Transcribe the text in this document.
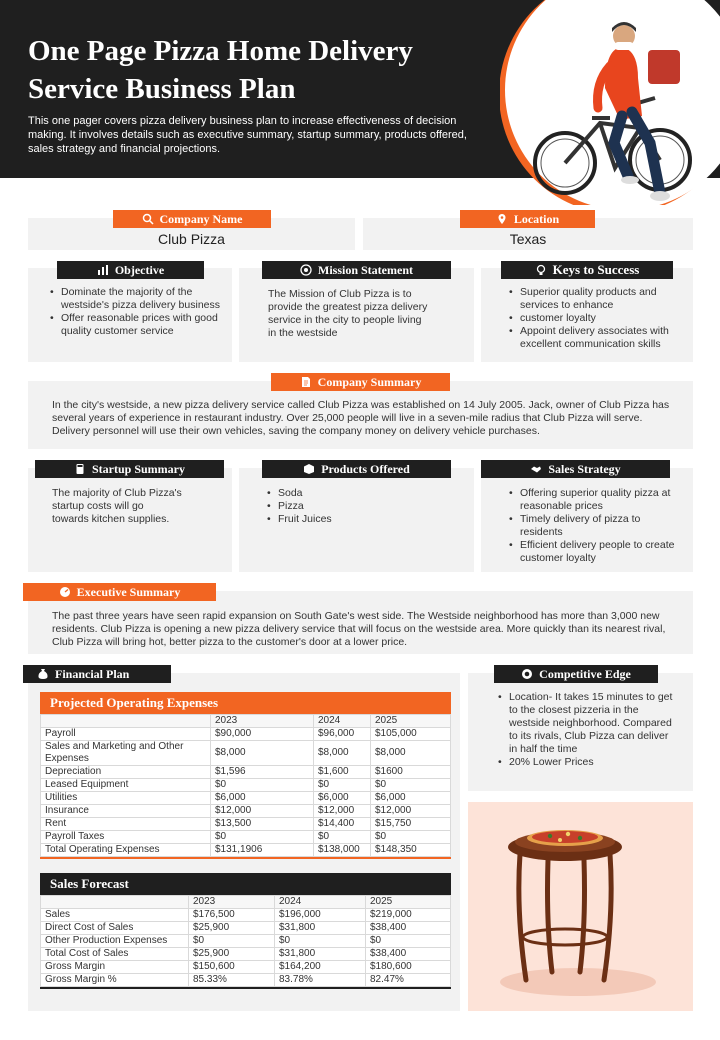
One Page Pizza Home Delivery Service Business Plan
This one pager covers pizza delivery business plan to increase effectiveness of decision making. It involves details such as executive summary, startup summary, products offered, sales strategy and financial projections.
Company Name
Club Pizza
Location
Texas
Objective
• Dominate the majority of the westside's pizza delivery business
• Offer reasonable prices with good quality customer service
Mission Statement
The Mission of Club Pizza is to provide the greatest pizza delivery service in the city to people living in the westside
Keys to Success
• Superior quality products and services to enhance
• customer loyalty
• Appoint delivery associates with excellent communication skills
Company Summary
In the city's westside, a new pizza delivery service called Club Pizza was established on 14 July 2005. Jack, owner of Club Pizza has several years of experience in restaurant industry. Over 25,000 people will live in a seven-mile radius that Club Pizza will serve. Delivery personnel will use their own vehicles, saving the company money on delivery vehicle purchases.
Startup Summary
The majority of Club Pizza's startup costs will go towards kitchen supplies.
Products Offered
• Soda
• Pizza
• Fruit Juices
Sales Strategy
• Offering superior quality pizza at reasonable prices
• Timely delivery of pizza to residents
• Efficient delivery people to create customer loyalty
Executive Summary
The past three years have seen rapid expansion on South Gate's west side. The Westside neighborhood has more than 3,000 new residents. Club Pizza is opening a new pizza delivery service that will focus on the westside area. More quickly than its nearest rival, Club Pizza will bring hot, better pizza to the customer's door at a lower price.
Financial Plan
Projected Operating Expenses
	2023	2024	2025
Payroll	$90,000	$96,000	$105,000
Sales and Marketing and Other Expenses	$8,000	$8,000	$8,000
Depreciation	$1,596	$1,600	$1600
Leased Equipment	$0	$0	$0
Utilities	$6,000	$6,000	$6,000
Insurance	$12,000	$12,000	$12,000
Rent	$13,500	$14,400	$15,750
Payroll Taxes	$0	$0	$0
Total Operating Expenses	$131,1906	$138,000	$148,350
Sales Forecast
	2023	2024	2025
Sales	$176,500	$196,000	$219,000
Direct Cost of Sales	$25,900	$31,800	$38,400
Other Production Expenses	$0	$0	$0
Total Cost of Sales	$25,900	$31,800	$38,400
Gross Margin	$150,600	$164,200	$180,600
Gross Margin %	85.33%	83.78%	82.47%
Competitive Edge
• Location- It takes 15 minutes to get to the closest pizzeria in the westside neighborhood. Compared to its rivals, Club Pizza can deliver in half the time
• 20% Lower Prices
